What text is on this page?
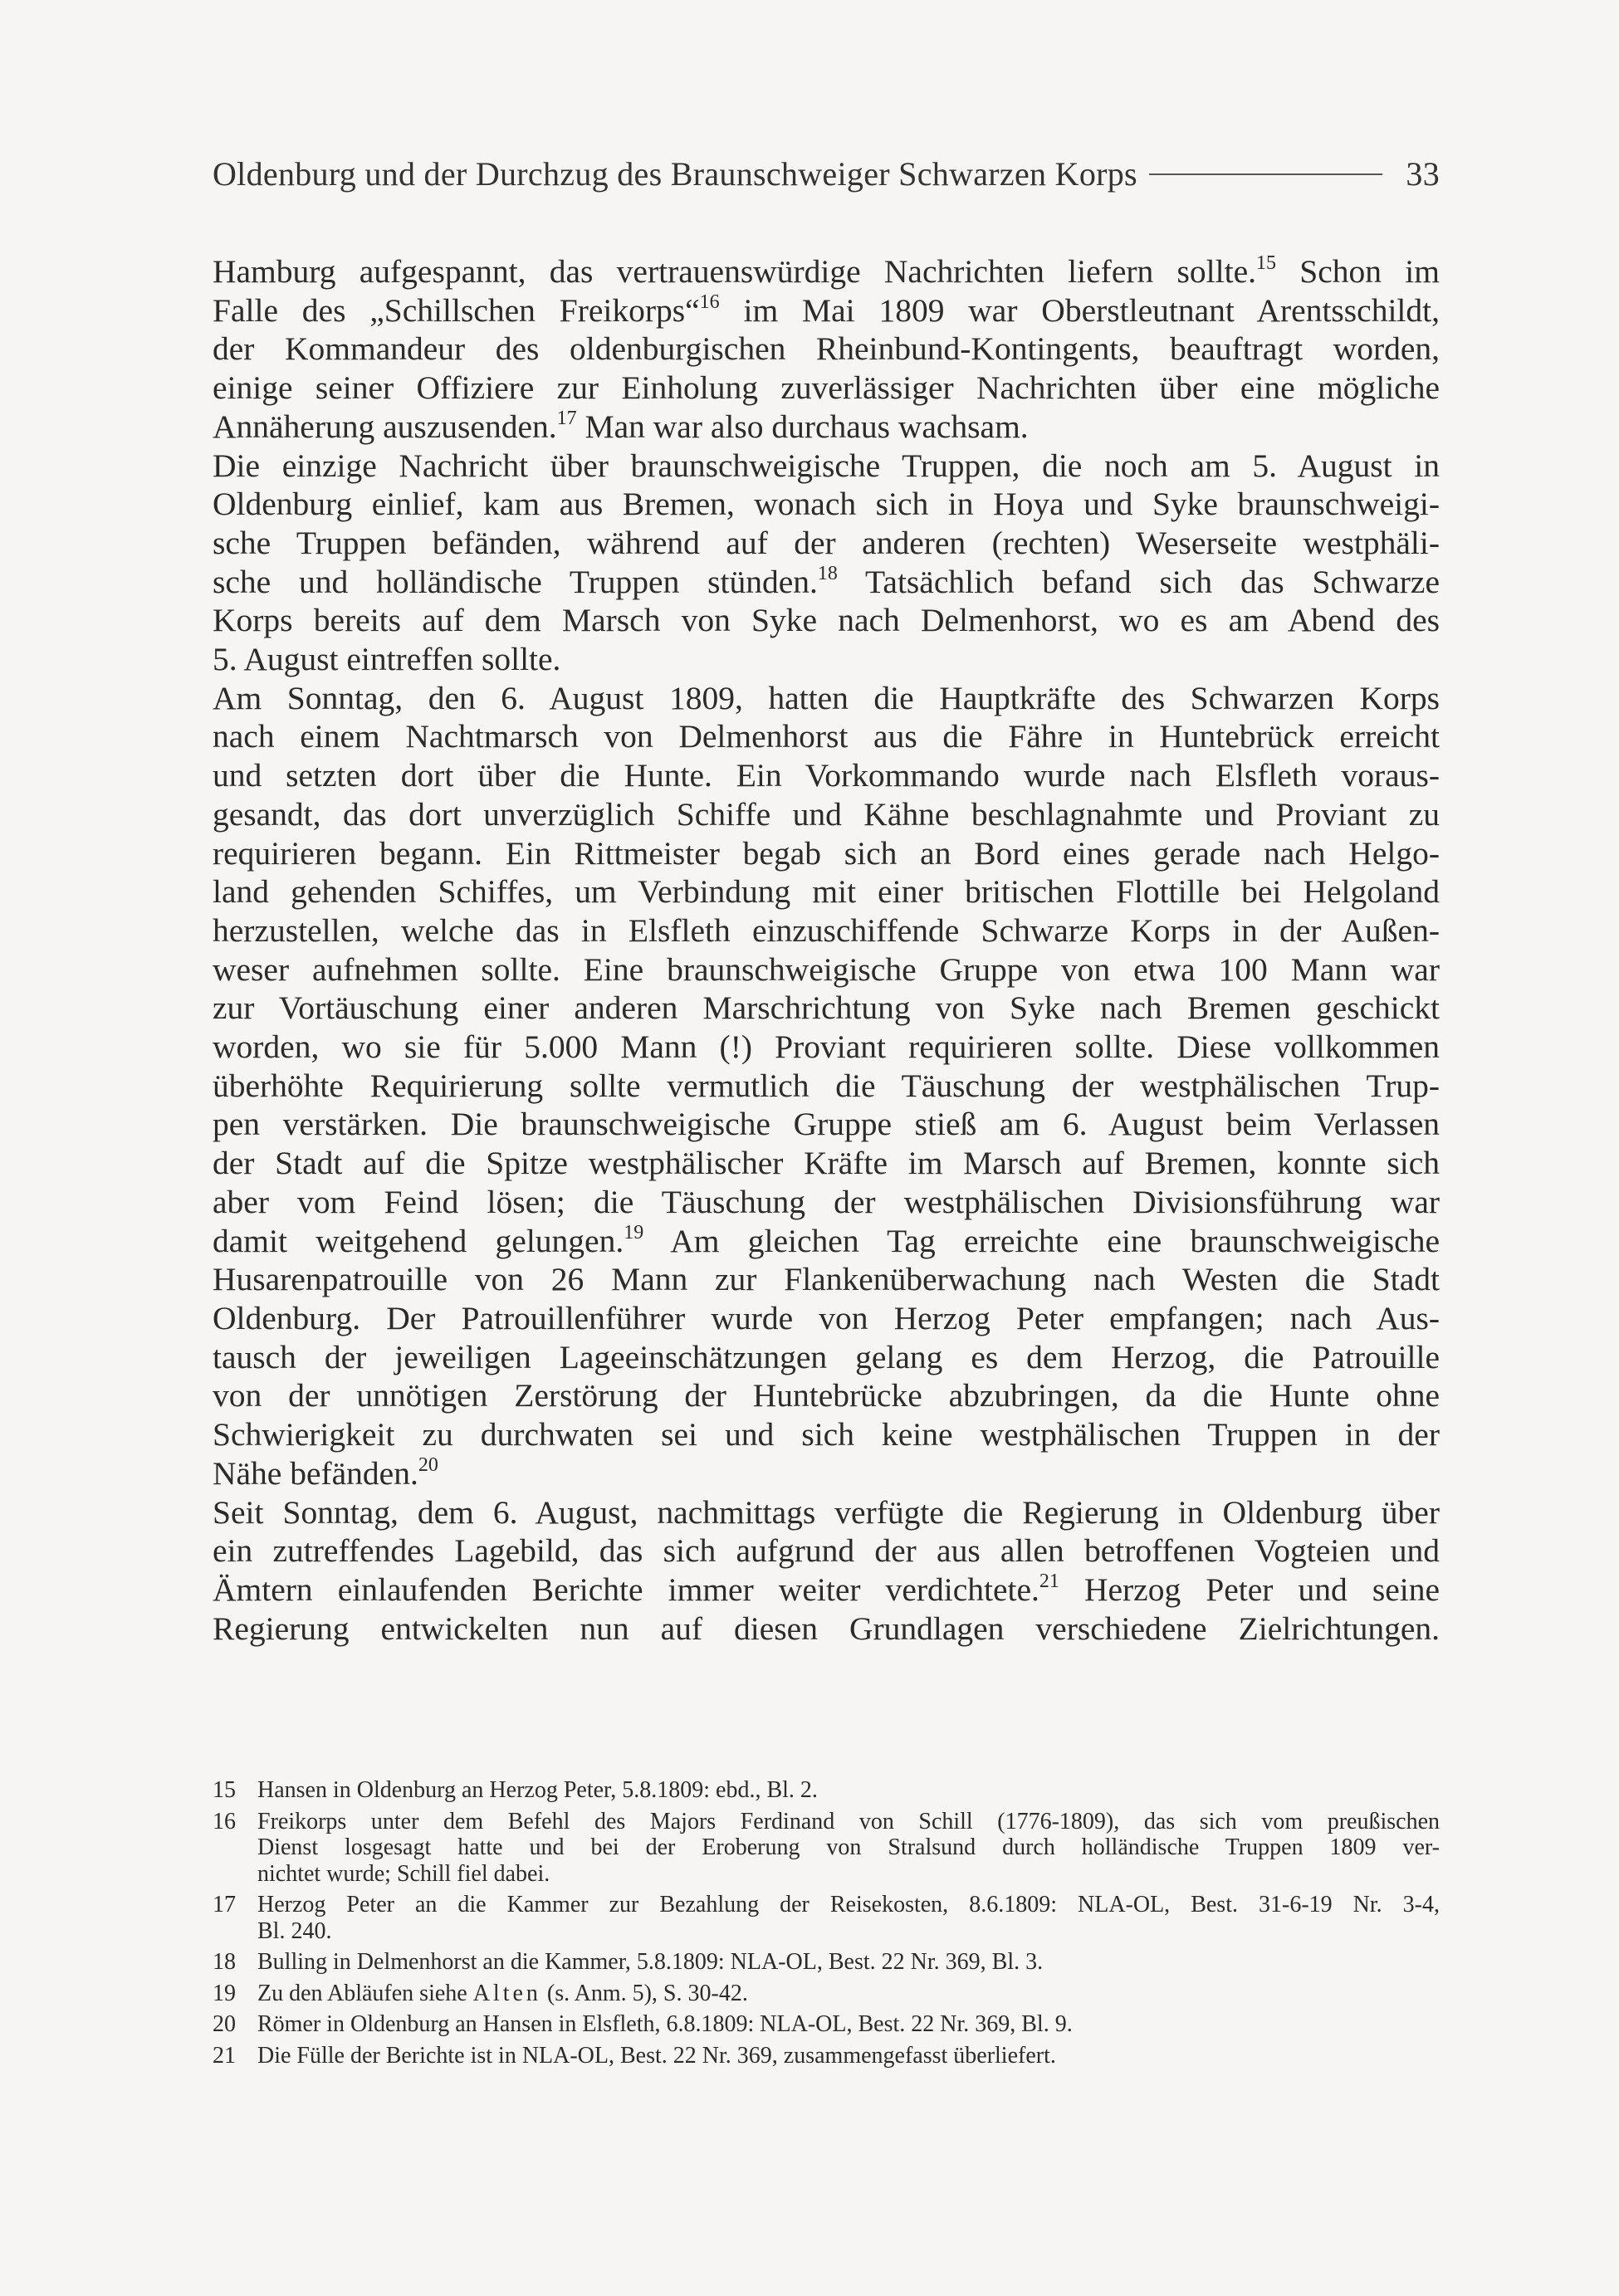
Oldenburg und der Durchzug des Braunschweiger Schwarzen Korps	33

Hamburg aufgespannt, das vertrauenswürdige Nachrichten liefern sollte.$^{15}$ Schon im
Falle des „Schillschen Freikorps“$^{16}$ im Mai 1809 war Oberstleutnant Arentsschildt,
der Kommandeur des oldenburgischen Rheinbund-Kontingents, beauftragt worden,
einige seiner Offiziere zur Einholung zuverlässiger Nachrichten über eine mögliche
Annäherung auszusenden.$^{17}$ Man war also durchaus wachsam.

Die einzige Nachricht über braunschweigische Truppen, die noch am 5. August in
Oldenburg einlief, kam aus Bremen, wonach sich in Hoya und Syke braunschweigi-
sche Truppen befänden, während auf der anderen (rechten) Weserseite westphäli-
sche und holländische Truppen stünden.$^{18}$ Tatsächlich befand sich das Schwarze
Korps bereits auf dem Marsch von Syke nach Delmenhorst, wo es am Abend des
5. August eintreffen sollte.

Am Sonntag, den 6. August 1809, hatten die Hauptkräfte des Schwarzen Korps
nach einem Nachtmarsch von Delmenhorst aus die Fähre in Huntebrück erreicht
und setzten dort über die Hunte. Ein Vorkommando wurde nach Elsfleth voraus-
gesandt, das dort unverzüglich Schiffe und Kähne beschlagnahmte und Proviant zu
requirieren begann. Ein Rittmeister begab sich an Bord eines gerade nach Helgo-
land gehenden Schiffes, um Verbindung mit einer britischen Flottille bei Helgoland
herzustellen, welche das in Elsfleth einzuschiffende Schwarze Korps in der Außen-
weser aufnehmen sollte. Eine braunschweigische Gruppe von etwa 100 Mann war
zur Vortäuschung einer anderen Marschrichtung von Syke nach Bremen geschickt
worden, wo sie für 5.000 Mann (!) Proviant requirieren sollte. Diese vollkommen
überhöhte Requirierung sollte vermutlich die Täuschung der westphälischen Trup-
pen verstärken. Die braunschweigische Gruppe stieß am 6. August beim Verlassen
der Stadt auf die Spitze westphälischer Kräfte im Marsch auf Bremen, konnte sich
aber vom Feind lösen; die Täuschung der westphälischen Divisionsführung war
damit weitgehend gelungen.$^{19}$ Am gleichen Tag erreichte eine braunschweigische
Husarenpatrouille von 26 Mann zur Flankenüberwachung nach Westen die Stadt
Oldenburg. Der Patrouillenführer wurde von Herzog Peter empfangen; nach Aus-
tausch der jeweiligen Lageeinschätzungen gelang es dem Herzog, die Patrouille
von der unnötigen Zerstörung der Huntebrücke abzubringen, da die Hunte ohne
Schwierigkeit zu durchwaten sei und sich keine westphälischen Truppen in der
Nähe befänden.$^{20}$

Seit Sonntag, dem 6. August, nachmittags verfügte die Regierung in Oldenburg über
ein zutreffendes Lagebild, das sich aufgrund der aus allen betroffenen Vogteien und
Ämtern einlaufenden Berichte immer weiter verdichtete.$^{21}$ Herzog Peter und seine
Regierung entwickelten nun auf diesen Grundlagen verschiedene Zielrichtungen.

15 Hansen in Oldenburg an Herzog Peter, 5.8.1809: ebd., Bl. 2.
16 Freikorps unter dem Befehl des Majors Ferdinand von Schill (1776-1809), das sich vom preußischen
Dienst losgesagt hatte und bei der Eroberung von Stralsund durch holländische Truppen 1809 ver-
nichtet wurde; Schill fiel dabei.
17 Herzog Peter an die Kammer zur Bezahlung der Reisekosten, 8.6.1809: NLA-OL, Best. 31-6-19 Nr. 3-4,
Bl. 240.
18 Bulling in Delmenhorst an die Kammer, 5.8.1809: NLA-OL, Best. 22 Nr. 369, Bl. 3.
19 Zu den Abläufen siehe Alten (s. Anm. 5), S. 30-42.
20 Römer in Oldenburg an Hansen in Elsfleth, 6.8.1809: NLA-OL, Best. 22 Nr. 369, Bl. 9.
21 Die Fülle der Berichte ist in NLA-OL, Best. 22 Nr. 369, zusammengefasst überliefert.
